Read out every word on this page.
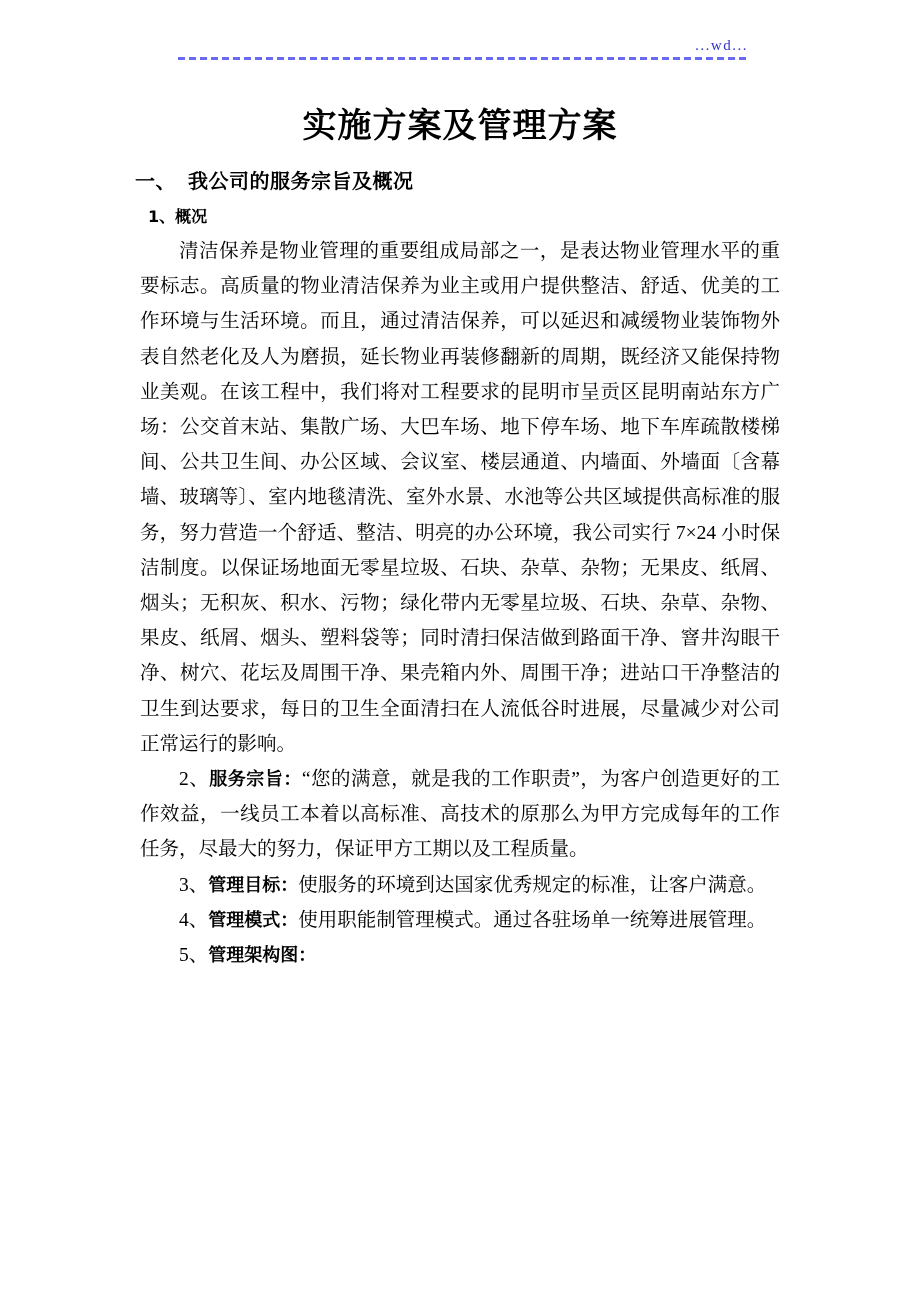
...wd...
实施方案及管理方案
一、 我公司的服务宗旨及概况
1、概况

清洁保养是物业管理的重要组成局部之一，是表达物业管理水平的重要标志。高质量的物业清洁保养为业主或用户提供整洁、舒适、优美的工作环境与生活环境。而且，通过清洁保养，可以延迟和减缓物业装饰物外表自然老化及人为磨损，延长物业再装修翻新的周期，既经济又能保持物业美观。在该工程中，我们将对工程要求的昆明市呈贡区昆明南站东方广场：公交首末站、集散广场、大巴车场、地下停车场、地下车库疏散楼梯间、公共卫生间、办公区域、会议室、楼层通道、内墙面、外墙面〔含幕墙、玻璃等〕、室内地毯清洗、室外水景、水池等公共区域提供高标准的服务，努力营造一个舒适、整洁、明亮的办公环境，我公司实行 7×24 小时保洁制度。以保证场地面无零星垃圾、石块、杂草、杂物；无果皮、纸屑、烟头；无积灰、积水、污物；绿化带内无零星垃圾、石块、杂草、杂物、果皮、纸屑、烟头、塑料袋等；同时清扫保洁做到路面干净、窨井沟眼干净、树穴、花坛及周围干净、果壳箱内外、周围干净；进站口干净整洁的卫生到达要求，每日的卫生全面清扫在人流低谷时进展，尽量减少对公司正常运行的影响。

2、服务宗旨：“您的满意，就是我的工作职责”，为客户创造更好的工作效益，一线员工本着以高标准、高技术的原那么为甲方完成每年的工作任务，尽最大的努力，保证甲方工期以及工程质量。

3、管理目标：使服务的环境到达国家优秀规定的标准，让客户满意。

4、管理模式：使用职能制管理模式。通过各驻场单一统筹进展管理。

5、管理架构图：
